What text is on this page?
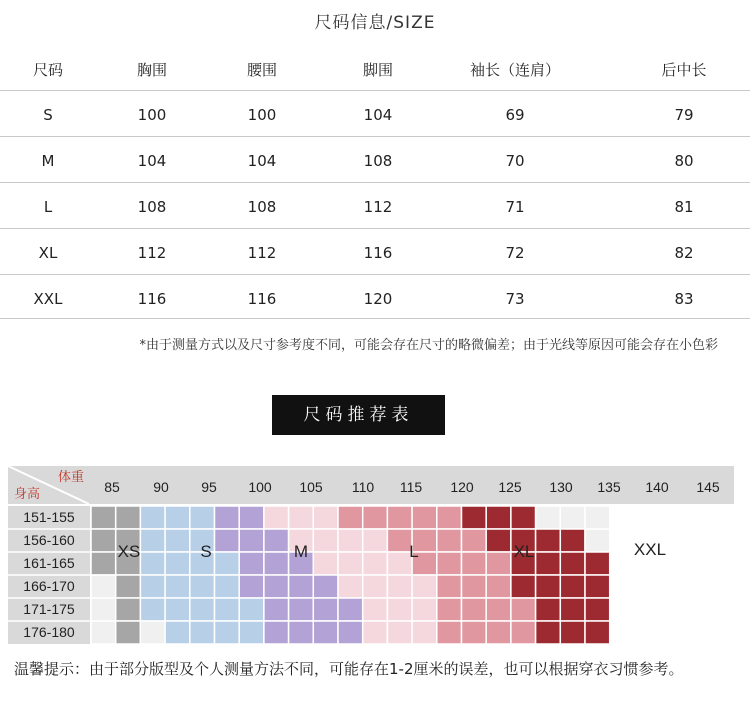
尺码信息/SIZE
尺码	胸围	腰围	脚围	袖长（连肩）	后中长
S	100	100	104	69	79
M	104	104	108	70	80
L	108	108	112	71	81
XL	112	112	116	72	82
XXL	116	116	120	73	83
*由于测量方式以及尺寸参考度不同，可能会存在尺寸的略微偏差；由于光线等原因可能会存在小色彩
尺码推荐表
体重
身高	85 90 95 100 105 110 115 120 125 130 135 140 145
151-155
156-160
161-165
166-170
171-175
176-180
XS	S	M	L	XL	XXL
温馨提示：由于部分版型及个人测量方法不同，可能存在1-2厘米的误差，也可以根据穿衣习惯参考。
